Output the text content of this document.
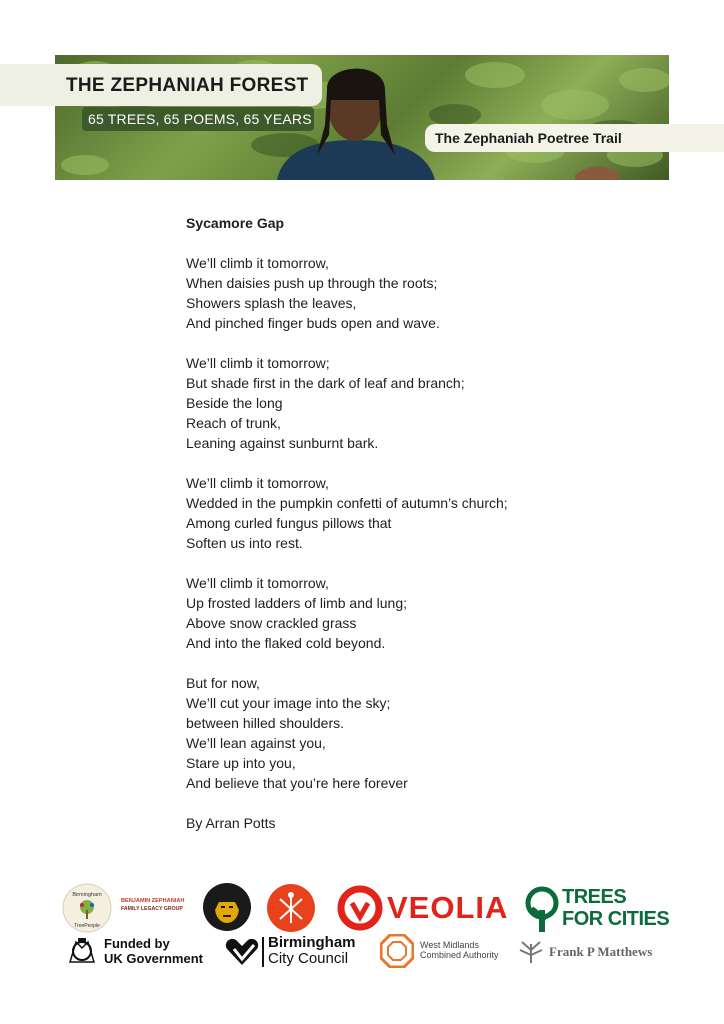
THE ZEPHANIAH FOREST
65 TREES, 65 POEMS, 65 YEARS
The Zephaniah Poetree Trail
Sycamore Gap
We’ll climb it tomorrow,
When daisies push up through the roots;
Showers splash the leaves,
And pinched finger buds open and wave.
We’ll climb it tomorrow;
But shade first in the dark of leaf and branch;
Beside the long
Reach of trunk,
Leaning against sunburnt bark.
We’ll climb it tomorrow,
Wedded in the pumpkin confetti of autumn’s church;
Among curled fungus pillows that
Soften us into rest.
We’ll climb it tomorrow,
Up frosted ladders of limb and lung;
Above snow crackled grass
And into the flaked cold beyond.
But for now,
We’ll cut your image into the sky;
between hilled shoulders.
We’ll lean against you,
Stare up into you,
And believe that you’re here forever
By Arran Potts
Birmingham
TreePeople
BENJAMIN ZEPHANIAH
FAMILY LEGACY GROUP	VEOLIA	TREES
FOR CITIES
Funded by
UK Government
Birmingham
City Council
West Midlands
Combined Authority	Frank P Matthews
